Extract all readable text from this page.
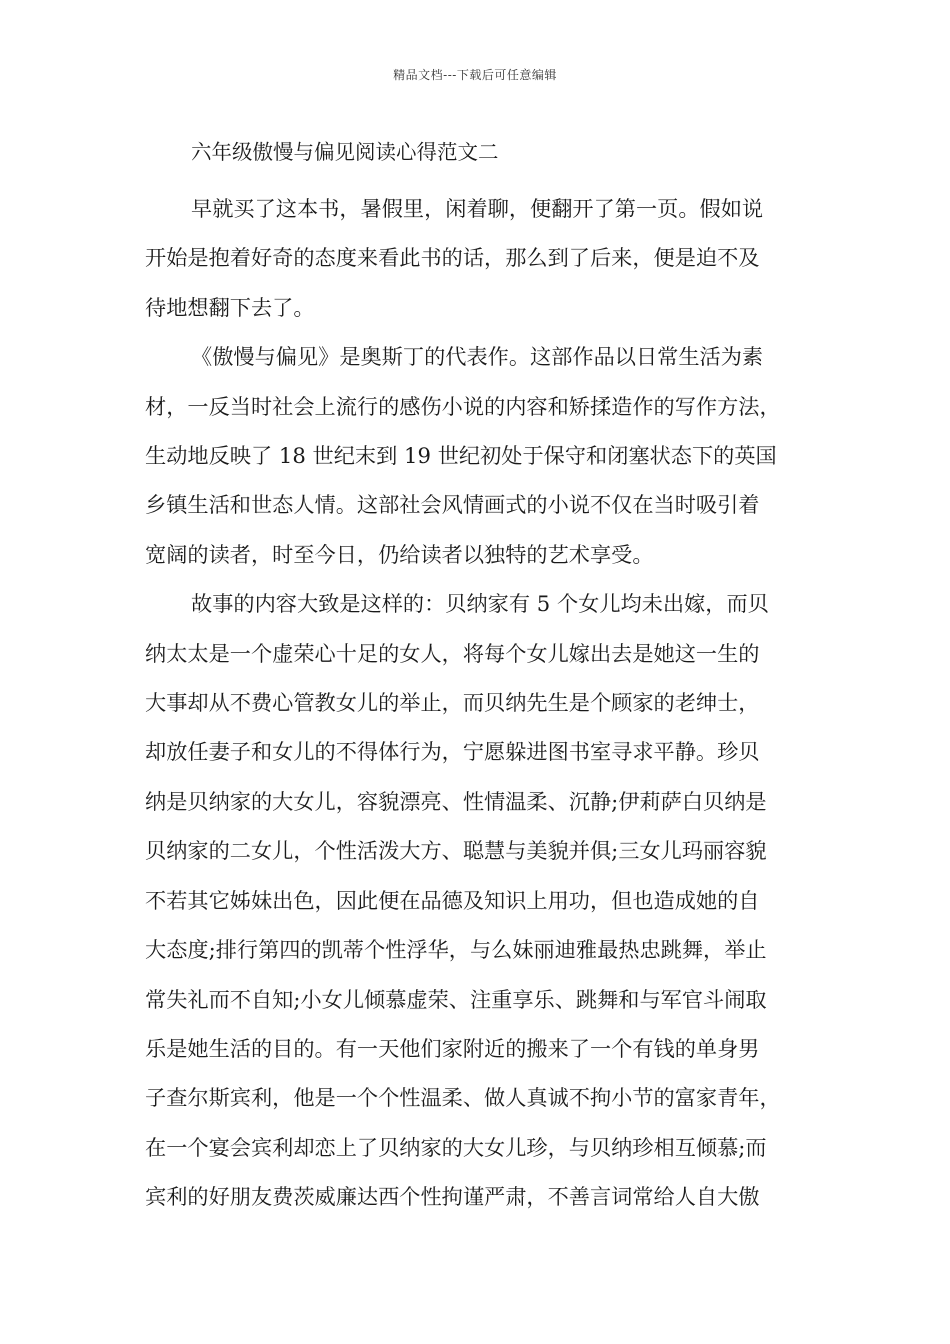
精品文档---下载后可任意编辑
六年级傲慢与偏见阅读心得范文二
早就买了这本书，暑假里，闲着聊，便翻开了第一页。假如说
开始是抱着好奇的态度来看此书的话，那么到了后来，便是迫不及
待地想翻下去了。
《傲慢与偏见》是奥斯丁的代表作。这部作品以日常生活为素
材，一反当时社会上流行的感伤小说的内容和矫揉造作的写作方法，
生动地反映了 18 世纪末到 19 世纪初处于保守和闭塞状态下的英国
乡镇生活和世态人情。这部社会风情画式的小说不仅在当时吸引着
宽阔的读者，时至今日，仍给读者以独特的艺术享受。
故事的内容大致是这样的：贝纳家有 5 个女儿均未出嫁，而贝
纳太太是一个虚荣心十足的女人，将每个女儿嫁出去是她这一生的
大事却从不费心管教女儿的举止，而贝纳先生是个顾家的老绅士，
却放任妻子和女儿的不得体行为，宁愿躲进图书室寻求平静。珍贝
纳是贝纳家的大女儿，容貌漂亮、性情温柔、沉静;伊莉萨白贝纳是
贝纳家的二女儿，个性活泼大方、聪慧与美貌并俱;三女儿玛丽容貌
不若其它姊妹出色，因此便在品德及知识上用功，但也造成她的自
大态度;排行第四的凯蒂个性浮华，与么妹丽迪雅最热忠跳舞，举止
常失礼而不自知;小女儿倾慕虚荣、注重享乐、跳舞和与军官斗闹取
乐是她生活的目的。有一天他们家附近的搬来了一个有钱的单身男
子查尔斯宾利，他是一个个性温柔、做人真诚不拘小节的富家青年，
在一个宴会宾利却恋上了贝纳家的大女儿珍，与贝纳珍相互倾慕;而
宾利的好朋友费茨威廉达西个性拘谨严肃，不善言词常给人自大傲
